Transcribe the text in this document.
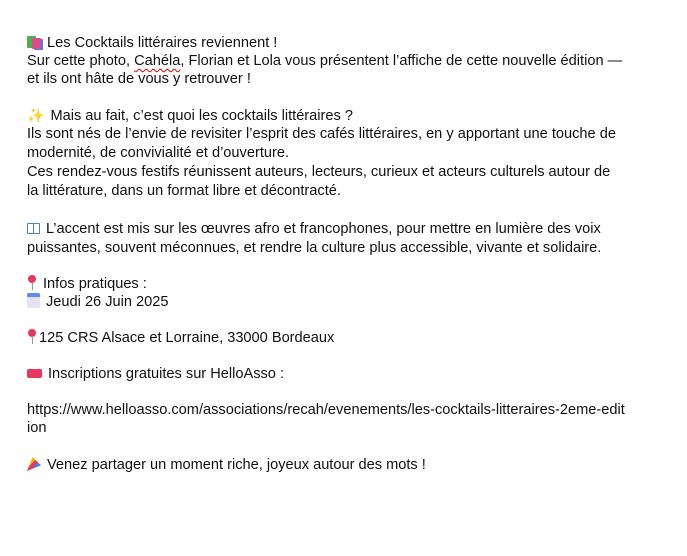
Les Cocktails littéraires reviennent !
Sur cette photo, Cahéla, Florian et Lola vous présentent l’affiche de cette nouvelle édition —
et ils ont hâte de vous y retrouver !
✨ Mais au fait, c’est quoi les cocktails littéraires ?
Ils sont nés de l’envie de revisiter l’esprit des cafés littéraires, en y apportant une touche de
modernité, de convivialité et d’ouverture.
Ces rendez-vous festifs réunissent auteurs, lecteurs, curieux et acteurs culturels autour de
la littérature, dans un format libre et décontracté.
L’accent est mis sur les œuvres afro et francophones, pour mettre en lumière des voix
puissantes, souvent méconnues, et rendre la culture plus accessible, vivante et solidaire.
Infos pratiques :
Jeudi 26 Juin 2025
125 CRS Alsace et Lorraine, 33000 Bordeaux
Inscriptions gratuites sur HelloAsso :
https://www.helloasso.com/associations/recah/evenements/les-cocktails-litteraires-2eme-edit
ion
Venez partager un moment riche, joyeux autour des mots !
